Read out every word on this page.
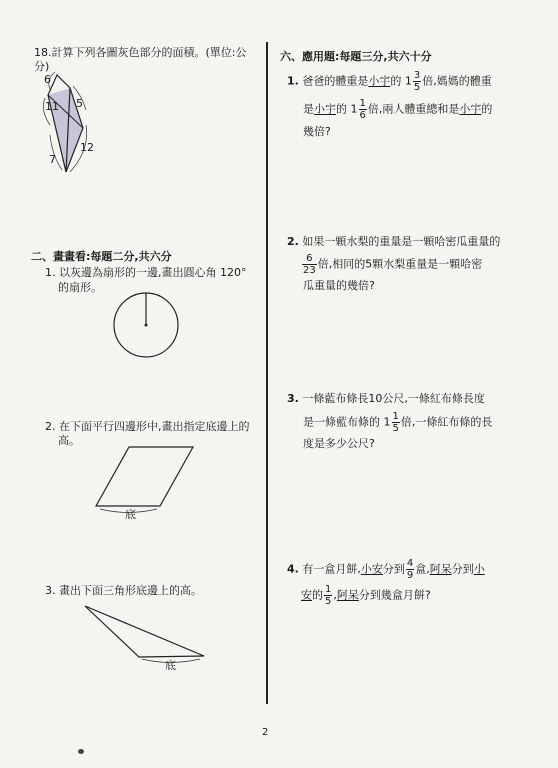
18.計算下列各圖灰色部分的面積。(單位:公
分)
6
5
11
7
12
二、畫畫看:每題二分,共六分
1. 以灰邊為扇形的一邊,畫出圓心角 120°
的扇形。
2. 在下面平行四邊形中,畫出指定底邊上的
高。
底
3. 畫出下面三角形底邊上的高。
底
六、應用題:每題三分,共六十分
1. 爸爸的體重是小宇的 $1 \frac{3}{5}$ 倍,媽媽的體重
是小宇的 $1 \frac{1}{6}$ 倍,兩人體重總和是小宇的
幾倍?
2. 如果一顆水梨的重量是一顆哈密瓜重量的
$\frac{6}{23}$ 倍,相同的5顆水梨重量是一顆哈密
瓜重量的幾倍?
3. 一條藍布條長10公尺,一條紅布條長度
是一條藍布條的 $1 \frac{1}{5}$ 倍,一條紅布條的長
度是多少公尺?
4. 有一盒月餅,小安分到 $\frac{4}{9}$ 盒,阿呆分到小
安的 $\frac{1}{5}$ ,阿呆分到幾盒月餅?
2
